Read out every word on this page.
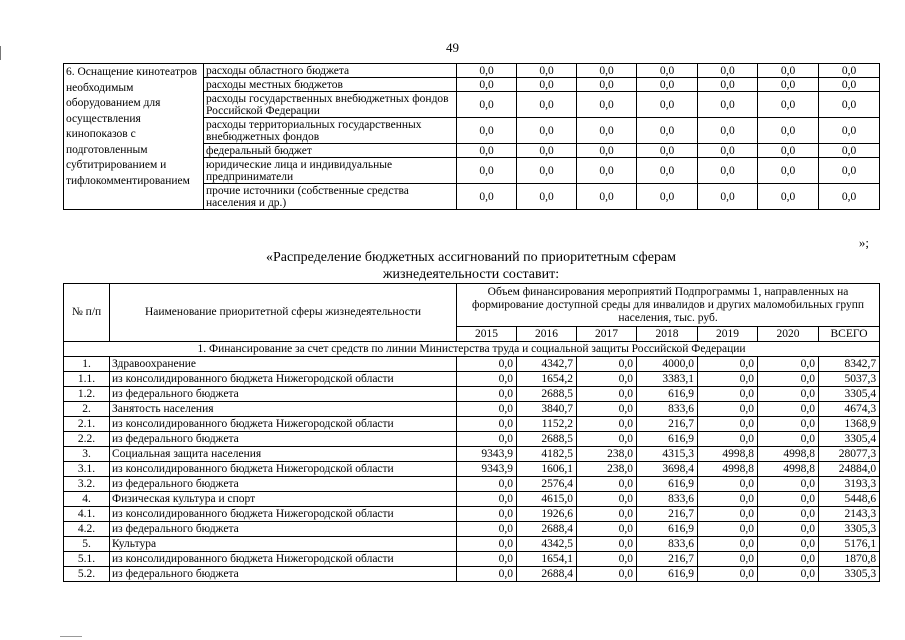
49
6. Оснащение кинотеатров необходимым оборудованием для осуществления кинопоказов с подготовленным субтитрированием и тифлокомментированием	расходы областного бюджета	0,0	0,0	0,0	0,0	0,0	0,0	0,0
	расходы местных бюджетов	0,0	0,0	0,0	0,0	0,0	0,0	0,0
	расходы государственных внебюджетных фондов Российской Федерации	0,0	0,0	0,0	0,0	0,0	0,0	0,0
	расходы территориальных государственных внебюджетных фондов	0,0	0,0	0,0	0,0	0,0	0,0	0,0
	федеральный бюджет	0,0	0,0	0,0	0,0	0,0	0,0	0,0
	юридические лица и индивидуальные предприниматели	0,0	0,0	0,0	0,0	0,0	0,0	0,0
	прочие источники (собственные средства населения и др.)	0,0	0,0	0,0	0,0	0,0	0,0	0,0
»;
«Распределение бюджетных ассигнований по приоритетным сферам
жизнедеятельности составит:
№ п/п	Наименование приоритетной сферы жизнедеятельности	Объем финансирования мероприятий Подпрограммы 1, направленных на формирование доступной среды для инвалидов и других маломобильных групп населения, тыс. руб.						
		2015	2016	2017	2018	2019	2020	ВСЕГО
1. Финансирование за счет средств по линии Министерства труда и социальной защиты Российской Федерации								
1.	Здравоохранение	0,0	4342,7	0,0	4000,0	0,0	0,0	8342,7
1.1.	из консолидированного бюджета Нижегородской области	0,0	1654,2	0,0	3383,1	0,0	0,0	5037,3
1.2.	из федерального бюджета	0,0	2688,5	0,0	616,9	0,0	0,0	3305,4
2.	Занятость населения	0,0	3840,7	0,0	833,6	0,0	0,0	4674,3
2.1.	из консолидированного бюджета Нижегородской области	0,0	1152,2	0,0	216,7	0,0	0,0	1368,9
2.2.	из федерального бюджета	0,0	2688,5	0,0	616,9	0,0	0,0	3305,4
3.	Социальная защита населения	9343,9	4182,5	238,0	4315,3	4998,8	4998,8	28077,3
3.1.	из консолидированного бюджета Нижегородской области	9343,9	1606,1	238,0	3698,4	4998,8	4998,8	24884,0
3.2.	из федерального бюджета	0,0	2576,4	0,0	616,9	0,0	0,0	3193,3
4.	Физическая культура и спорт	0,0	4615,0	0,0	833,6	0,0	0,0	5448,6
4.1.	из консолидированного бюджета Нижегородской области	0,0	1926,6	0,0	216,7	0,0	0,0	2143,3
4.2.	из федерального бюджета	0,0	2688,4	0,0	616,9	0,0	0,0	3305,3
5.	Культура	0,0	4342,5	0,0	833,6	0,0	0,0	5176,1
5.1.	из консолидированного бюджета Нижегородской области	0,0	1654,1	0,0	216,7	0,0	0,0	1870,8
5.2.	из федерального бюджета	0,0	2688,4	0,0	616,9	0,0	0,0	3305,3
